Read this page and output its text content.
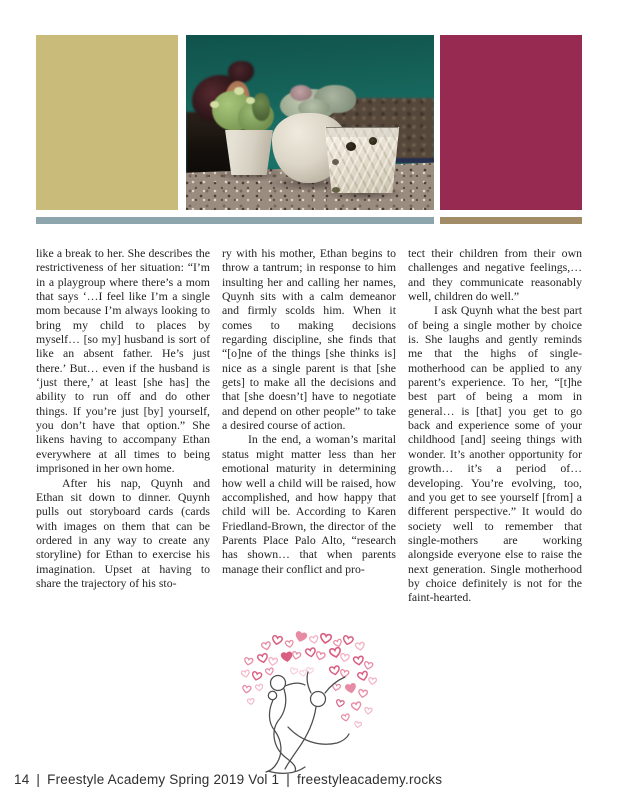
like a break to her. She describes the restrictiveness of her situation: “I’m in a playgroup where there’s a mom that says ‘…I feel like I’m a single mom because I’m always looking to bring my child to places by myself… [so my] husband is sort of like an absent father. He’s just there.’ But… even if the husband is ‘just there,’ at least [she has] the ability to run off and do other things. If you’re just [by] yourself, you don’t have that option.” She likens having to accompany Ethan everywhere at all times to being imprisoned in her own home.

After his nap, Quynh and Ethan sit down to dinner. Quynh pulls out storyboard cards (cards with images on them that can be ordered in any way to create any storyline) for Ethan to exercise his imagination. Upset at having to share the trajectory of his sto-

ry with his mother, Ethan begins to throw a tantrum; in response to him insulting her and calling her names, Quynh sits with a calm demeanor and firmly scolds him. When it comes to making decisions regarding discipline, she finds that “[o]ne of the things [she thinks is] nice as a single parent is that [she gets] to make all the decisions and that [she doesn’t] have to negotiate and depend on other people” to take a desired course of action.

In the end, a woman’s marital status might matter less than her emotional maturity in determining how well a child will be raised, how accomplished, and how happy that child will be. According to Karen Friedland-Brown, the director of the Parents Place Palo Alto, “research has shown… that when parents manage their conflict and pro-

tect their children from their own challenges and negative feelings,… and they communicate reasonably well, children do well.”

I ask Quynh what the best part of being a single mother by choice is. She laughs and gently reminds me that the highs of single-motherhood can be applied to any parent’s experience. To her, “[t]he best part of being a mom in general… is [that] you get to go back and experience some of your childhood [and] seeing things with wonder. It’s another opportunity for growth… it’s a period of… developing. You’re evolving, too, and you get to see yourself [from] a different perspective.” It would do society well to remember that single-mothers are working alongside everyone else to raise the next generation. Single motherhood by choice definitely is not for the faint-hearted.

14 | Freestyle Academy Spring 2019 Vol 1 | freestyleacademy.rocks
